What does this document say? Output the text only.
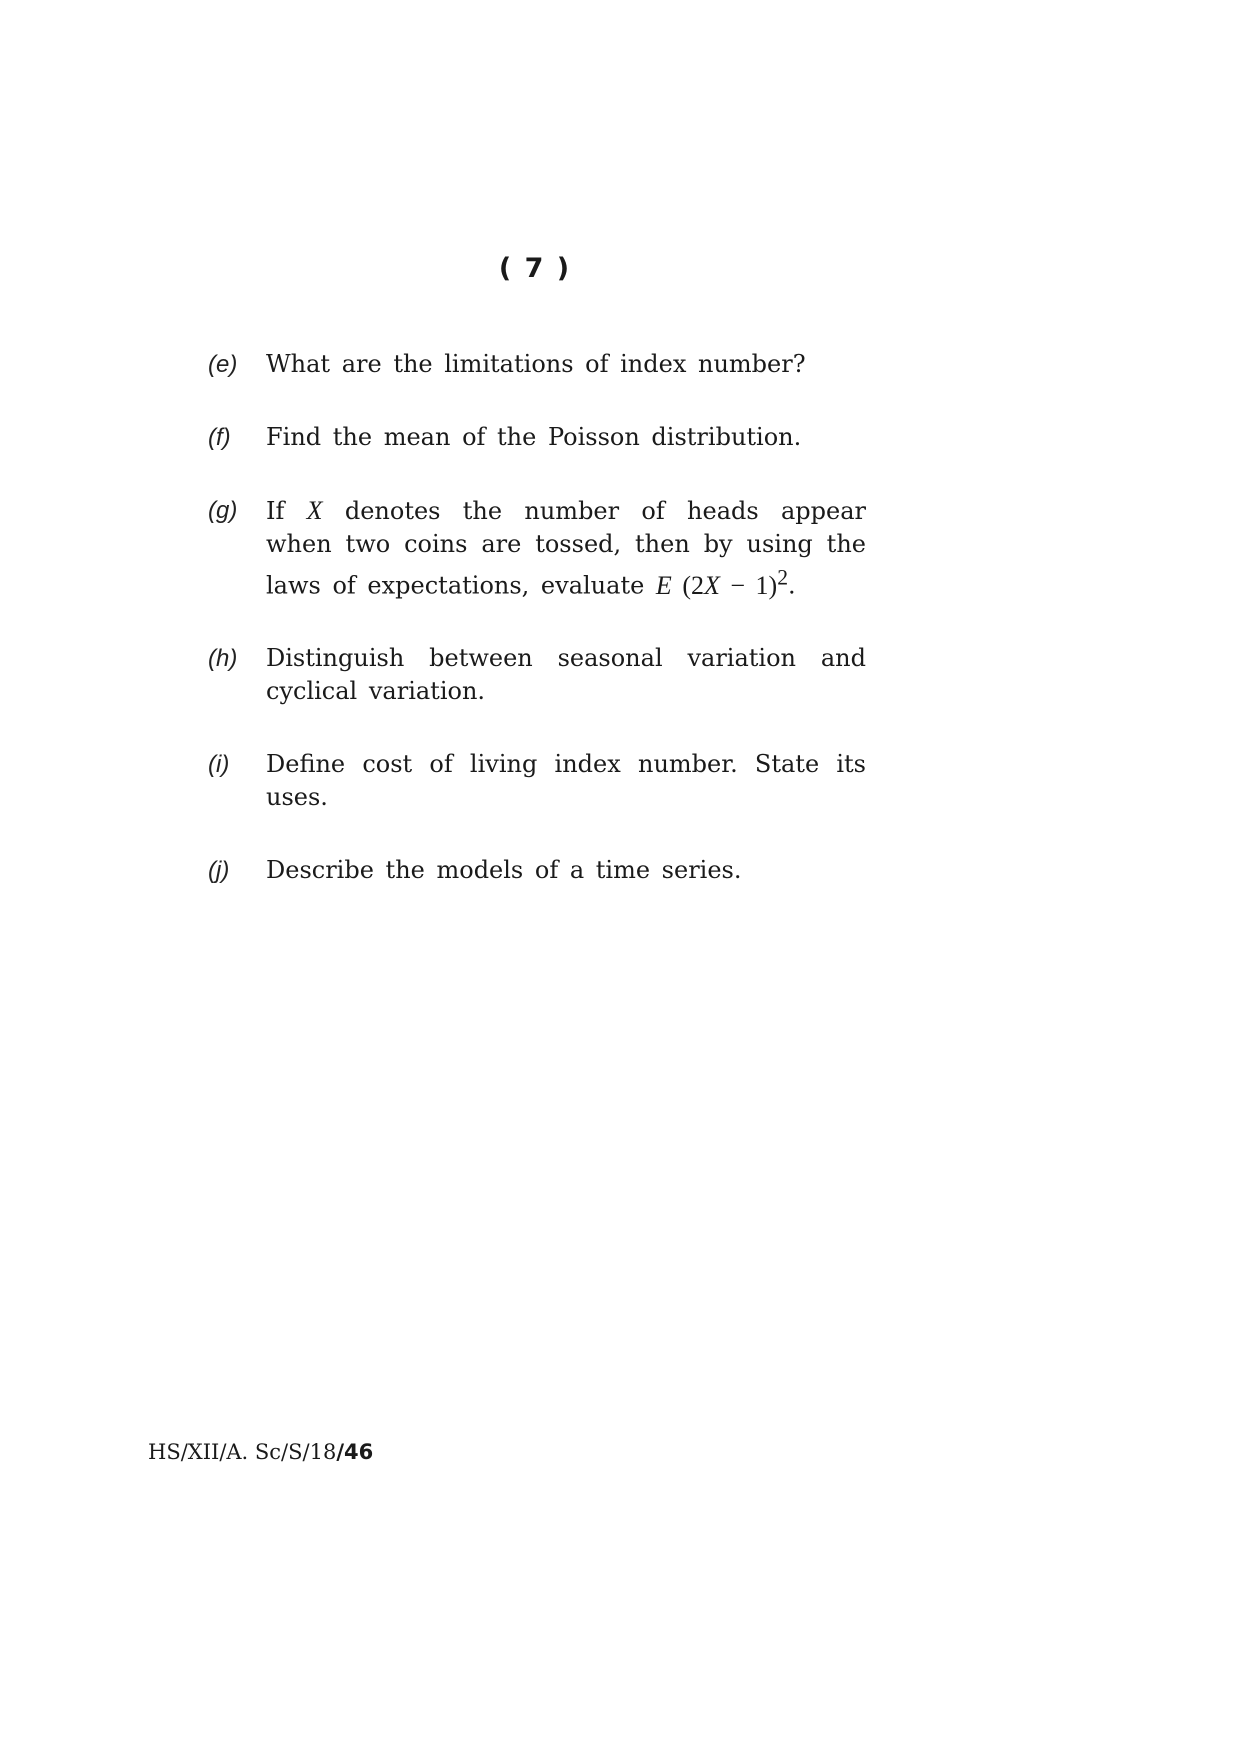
( 7 )
(e) What are the limitations of index number?
(f) Find the mean of the Poisson distribution.
(g) If X denotes the number of heads appear when two coins are tossed, then by using the laws of expectations, evaluate E $(2X - 1)^2$.
(h) Distinguish between seasonal variation and cyclical variation.
(i) Define cost of living index number. State its uses.
(j) Describe the models of a time series.
HS/XII/A. Sc/S/18/46
